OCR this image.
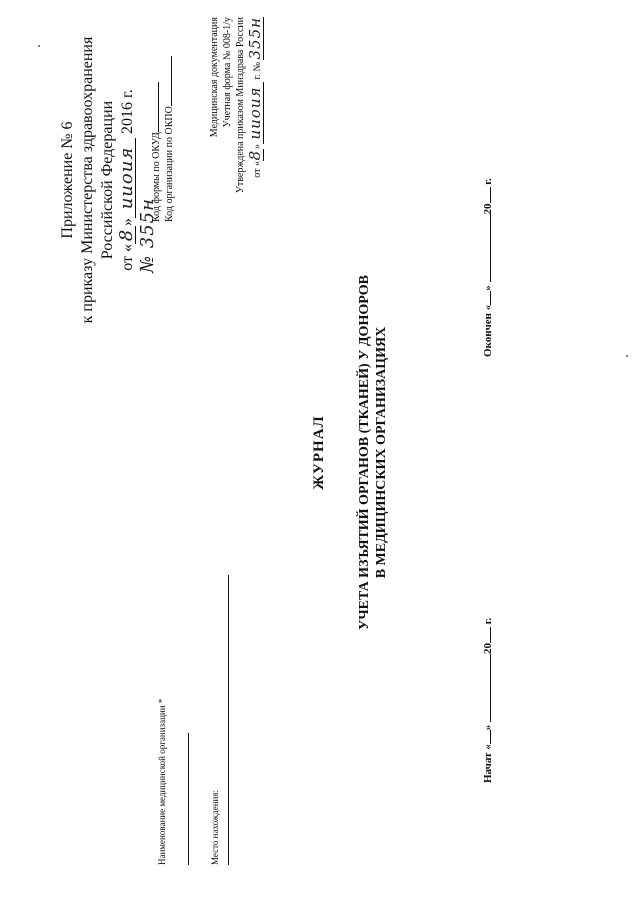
Приложение № 6 к приказу Министерства здравоохранения Российской Федерации от «8»ииоия 2016 г.
№ 355н
Код формы по ОКУД Код организации по ОКПО
Медицинская документация Учетная форма № 008-1/у Утверждена приказом Минздрава России от «8»ииоия г. № 355н
Наименование медицинской организации *	Место нахождения:
ЖУРНАЛ УЧЕТА ИЗЪЯТИЙ ОРГАНОВ (ТКАНЕЙ) У ДОНОРОВ В МЕДИЦИНСКИХ ОРГАНИЗАЦИЯХ
Начат «» 20 г.
Окончен «» 20 г.
